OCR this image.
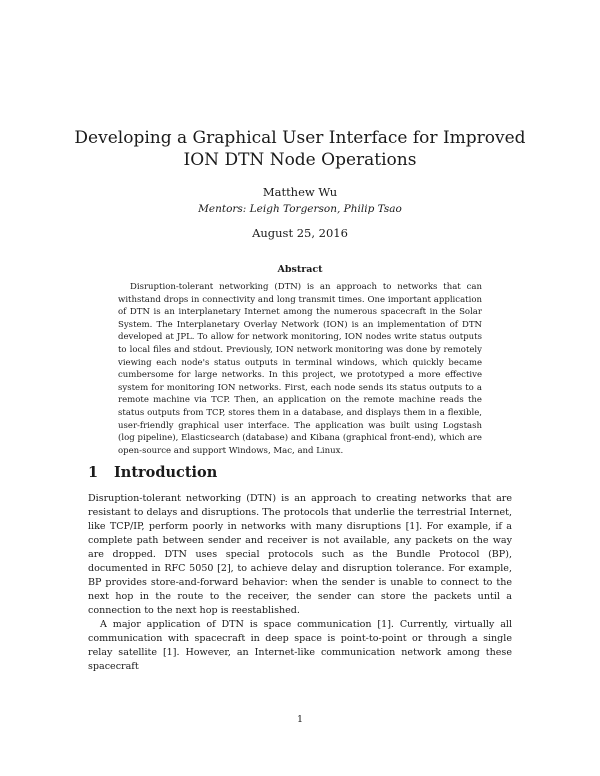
Developing a Graphical User Interface for Improved ION DTN Node Operations
Matthew Wu
Mentors: Leigh Torgerson, Philip Tsao
August 25, 2016
Abstract
Disruption-tolerant networking (DTN) is an approach to networks that can withstand drops in connectivity and long transmit times. One important application of DTN is an interplanetary Internet among the numerous spacecraft in the Solar System. The Interplanetary Overlay Network (ION) is an implementation of DTN developed at JPL. To allow for network monitoring, ION nodes write status outputs to local files and stdout. Previously, ION network monitoring was done by remotely viewing each node's status outputs in terminal windows, which quickly became cumbersome for large networks. In this project, we prototyped a more effective system for monitoring ION networks. First, each node sends its status outputs to a remote machine via TCP. Then, an application on the remote machine reads the status outputs from TCP, stores them in a database, and displays them in a flexible, user-friendly graphical user interface. The application was built using Logstash (log pipeline), Elasticsearch (database) and Kibana (graphical front-end), which are open-source and support Windows, Mac, and Linux.
1 Introduction

Disruption-tolerant networking (DTN) is an approach to creating networks that are resistant to delays and disruptions. The protocols that underlie the terrestrial Internet, like TCP/IP, perform poorly in networks with many disruptions [1]. For example, if a complete path between sender and receiver is not available, any packets on the way are dropped. DTN uses special protocols such as the Bundle Protocol (BP), documented in RFC 5050 [2], to achieve delay and disruption tolerance. For example, BP provides store-and-forward behavior: when the sender is unable to connect to the next hop in the route to the receiver, the sender can store the packets until a connection to the next hop is reestablished.

A major application of DTN is space communication [1]. Currently, virtually all communication with spacecraft in deep space is point-to-point or through a single relay satellite [1]. However, an Internet-like communication network among these spacecraft

1
